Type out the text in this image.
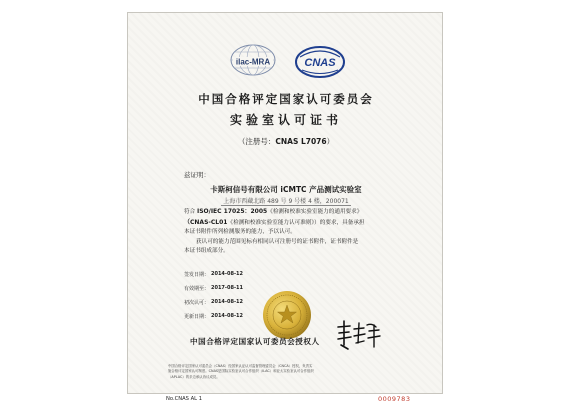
ilac-MRA	CNAS
中国合格评定国家认可委员会
实验室认可证书
（注册号：CNAS L7076）
兹证明：
卡斯柯信号有限公司 iCMTC 产品测试实验室
上海市西藏北路 489 号 9 号楼 4 楼，200071

符合 ISO/IEC 17025：2005《检测和校准实验室能力的通用要求》

（CNAS-CL01《检测和校准实验室能力认可准则》）的要求，具备承担

本证书附件所列检测服务的能力，予以认可。

获认可的能力范围见标有相同认可注册号的证书附件，证书附件是

本证书组成部分。

签发日期： 2014-08-12
有效期至： 2017-08-11
初次认可： 2014-08-12
更新日期： 2014-08-12
中国合格评定国家认可委员会授权人

中国合格评定国家认可委员会（CNAS）经国家认证认可监督管理委员会（CNCA）授权，负责实

施合格评定国家认可制度。CNAS是国际实验室认可合作组织（ILAC）和亚太实验室认可合作组织

（APLAC）的多边承认协议成员。

No.CNAS AL 1	0009783
